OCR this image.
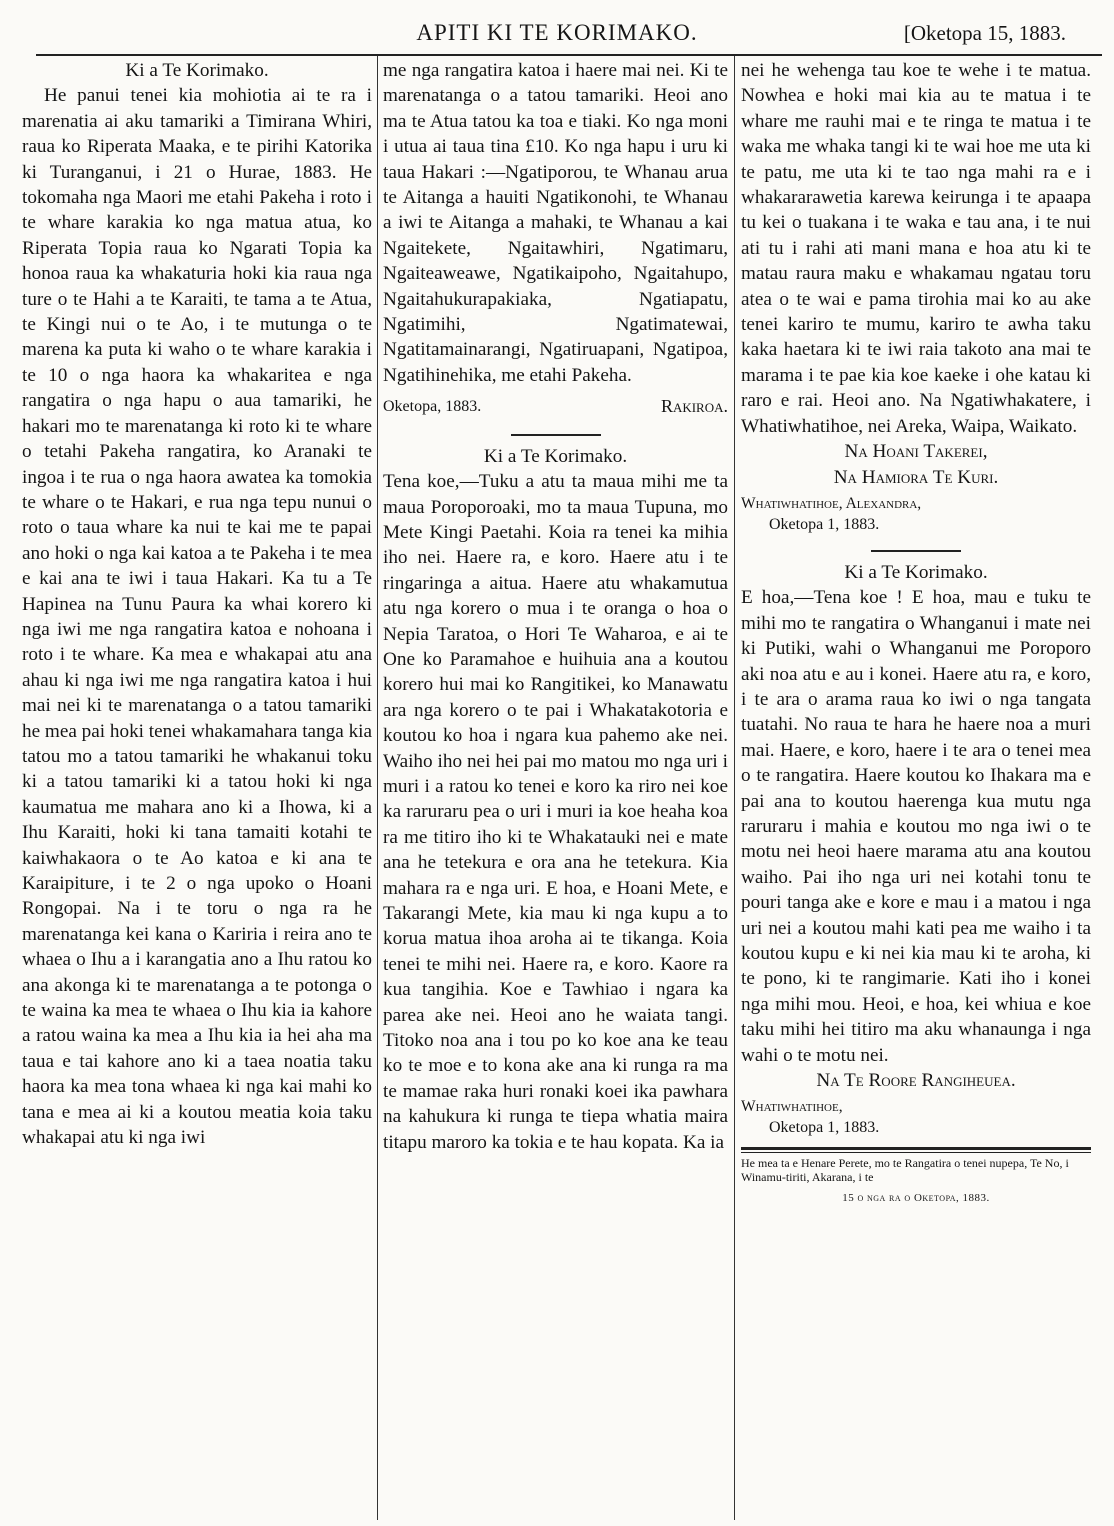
APITI KI TE KORIMAKO.	[Oketopa 15, 1883.

Ki a Te Korimako.

He panui tenei kia mohiotia ai te ra i marenatia ai aku tamariki a Timirana Whiri, raua ko Riperata Maaka, e te pirihi Katorika ki Turanganui, i 21 o Hurae, 1883. He tokomaha nga Maori me etahi Pakeha i roto i te whare karakia ko nga matua atua, ko Riperata Topia raua ko Ngarati Topia ka honoa raua ka whakaturia hoki kia raua nga ture o te Hahi a te Karaiti, te tama a te Atua, te Kingi nui o te Ao, i te mutunga o te marena ka puta ki waho o te whare karakia i te 10 o nga haora ka whakaritea e nga rangatira o nga hapu o aua tamariki, he hakari mo te marenatanga ki roto ki te whare o tetahi Pakeha rangatira, ko Aranaki te ingoa i te rua o nga haora awatea ka tomokia te whare o te Hakari, e rua nga tepu nunui o roto o taua whare ka nui te kai me te papai ano hoki o nga kai katoa a te Pakeha i te mea e kai ana te iwi i taua Hakari. Ka tu a Te Hapinea na Tunu Paura ka whai korero ki nga iwi me nga rangatira katoa e nohoana i roto i te whare. Ka mea e whakapai atu ana ahau ki nga iwi me nga rangatira katoa i hui mai nei ki te marenatanga o a tatou tamariki he mea pai hoki tenei whakamahara tanga kia tatou mo a tatou tamariki he whakanui toku ki a tatou tamariki ki a tatou hoki ki nga kaumatua me mahara ano ki a Ihowa, ki a Ihu Karaiti, hoki ki tana tamaiti kotahi te kaiwhakaora o te Ao katoa e ki ana te Karaipiture, i te 2 o nga upoko o Hoani Rongopai. Na i te toru o nga ra he marenatanga kei kana o Kariria i reira ano te whaea o Ihu a i karangatia ano a Ihu ratou ko ana akonga ki te marenatanga a te potonga o te waina ka mea te whaea o Ihu kia ia kahore a ratou waina ka mea a Ihu kia ia hei aha ma taua e tai kahore ano ki a taea noatia taku haora ka mea tona whaea ki nga kai mahi ko tana e mea ai ki a koutou meatia koia taku whakapai atu ki nga iwi

me nga rangatira katoa i haere mai nei. Ki te marenatanga o a tatou tamariki. Heoi ano ma te Atua tatou ka toa e tiaki. Ko nga moni i utua ai taua tina £10. Ko nga hapu i uru ki taua Hakari :—Ngatiporou, te Whanau arua te Aitanga a hauiti Ngatikonohi, te Whanau a iwi te Aitanga a mahaki, te Whanau a kai Ngaitekete, Ngaitawhiri, Ngatimaru, Ngaiteaweawe, Ngatikaipoho, Ngaitahupo, Ngaitahukurapakiaka, Ngatiapatu, Ngatimihi, Ngatimatewai, Ngatitamainarangi, Ngatiruapani, Ngatipoa, Ngatihinehika, me etahi Pakeha.

Oketopa, 1883.	Rakiroa.

Ki a Te Korimako.

Tena koe,—Tuku a atu ta maua mihi me ta maua Poroporoaki, mo ta maua Tupuna, mo Mete Kingi Paetahi. Koia ra tenei ka mihia iho nei. Haere ra, e koro. Haere atu i te ringaringa a aitua. Haere atu whakamutua atu nga korero o mua i te oranga o hoa o Nepia Taratoa, o Hori Te Waharoa, e ai te One ko Paramahoe e huihuia ana a koutou korero hui mai ko Rangitikei, ko Manawatu ara nga korero o te pai i Whakatakotoria e koutou ko hoa i ngara kua pahemo ake nei. Waiho iho nei hei pai mo matou mo nga uri i muri i a ratou ko tenei e koro ka riro nei koe ka raruraru pea o uri i muri ia koe heaha koa ra me titiro iho ki te Whakatauki nei e mate ana he tetekura e ora ana he tetekura. Kia mahara ra e nga uri. E hoa, e Hoani Mete, e Takarangi Mete, kia mau ki nga kupu a to korua matua ihoa aroha ai te tikanga. Koia tenei te mihi nei. Haere ra, e koro. Kaore ra kua tangihia. Koe e Tawhiao i ngara ka parea ake nei. Heoi ano he waiata tangi. Titoko noa ana i tou po ko koe ana ke teau ko te moe e to kona ake ana ki runga ra ma te mamae raka huri ronaki koei ika pawhara na kahukura ki runga te tiepa whatia maira titapu maroro ka tokia e te hau kopata. Ka ia

nei he wehenga tau koe te wehe i te matua. Nowhea e hoki mai kia au te matua i te whare me rauhi mai e te ringa te matua i te waka me whaka tangi ki te wai hoe me uta ki te patu, me uta ki te tao nga mahi ra e i whakararawetia karewa keirunga i te apaapa tu kei o tuakana i te waka e tau ana, i te nui ati tu i rahi ati mani mana e hoa atu ki te matau raura maku e whakamau ngatau toru atea o te wai e pama tirohia mai ko au ake tenei kariro te mumu, kariro te awha taku kaka haetara ki te iwi raia takoto ana mai te marama i te pae kia koe kaeke i ohe katau ki raro e rai. Heoi ano. Na Ngatiwhakatere, i Whatiwhatihoe, nei Areka, Waipa, Waikato.

Na Hoani Takerei,

Na Hamiora Te Kuri.

Whatiwhatihoe, Alexandra,

Oketopa 1, 1883.

Ki a Te Korimako.

E hoa,—Tena koe ! E hoa, mau e tuku te mihi mo te rangatira o Whanganui i mate nei ki Putiki, wahi o Whanganui me Poroporo aki noa atu e au i konei. Haere atu ra, e koro, i te ara o arama raua ko iwi o nga tangata tuatahi. No raua te hara he haere noa a muri mai. Haere, e koro, haere i te ara o tenei mea o te rangatira. Haere koutou ko Ihakara ma e pai ana to koutou haerenga kua mutu nga raruraru i mahia e koutou mo nga iwi o te motu nei heoi haere marama atu ana koutou waiho. Pai iho nga uri nei kotahi tonu te pouri tanga ake e kore e mau i a matou i nga uri nei a koutou mahi kati pea me waiho i ta koutou kupu e ki nei kia mau ki te aroha, ki te pono, ki te rangimarie. Kati iho i konei nga mihi mou. Heoi, e hoa, kei whiua e koe taku mihi hei titiro ma aku whanaunga i nga wahi o te motu nei.

Na Te Roore Rangiheuea.

Whatiwhatihoe,

Oketopa 1, 1883.

He mea ta e Henare Perete, mo te Rangatira o tenei nupepa, Te No, i Winamu-tiriti, Akarana, i te

15 o nga ra o Oketopa, 1883.
